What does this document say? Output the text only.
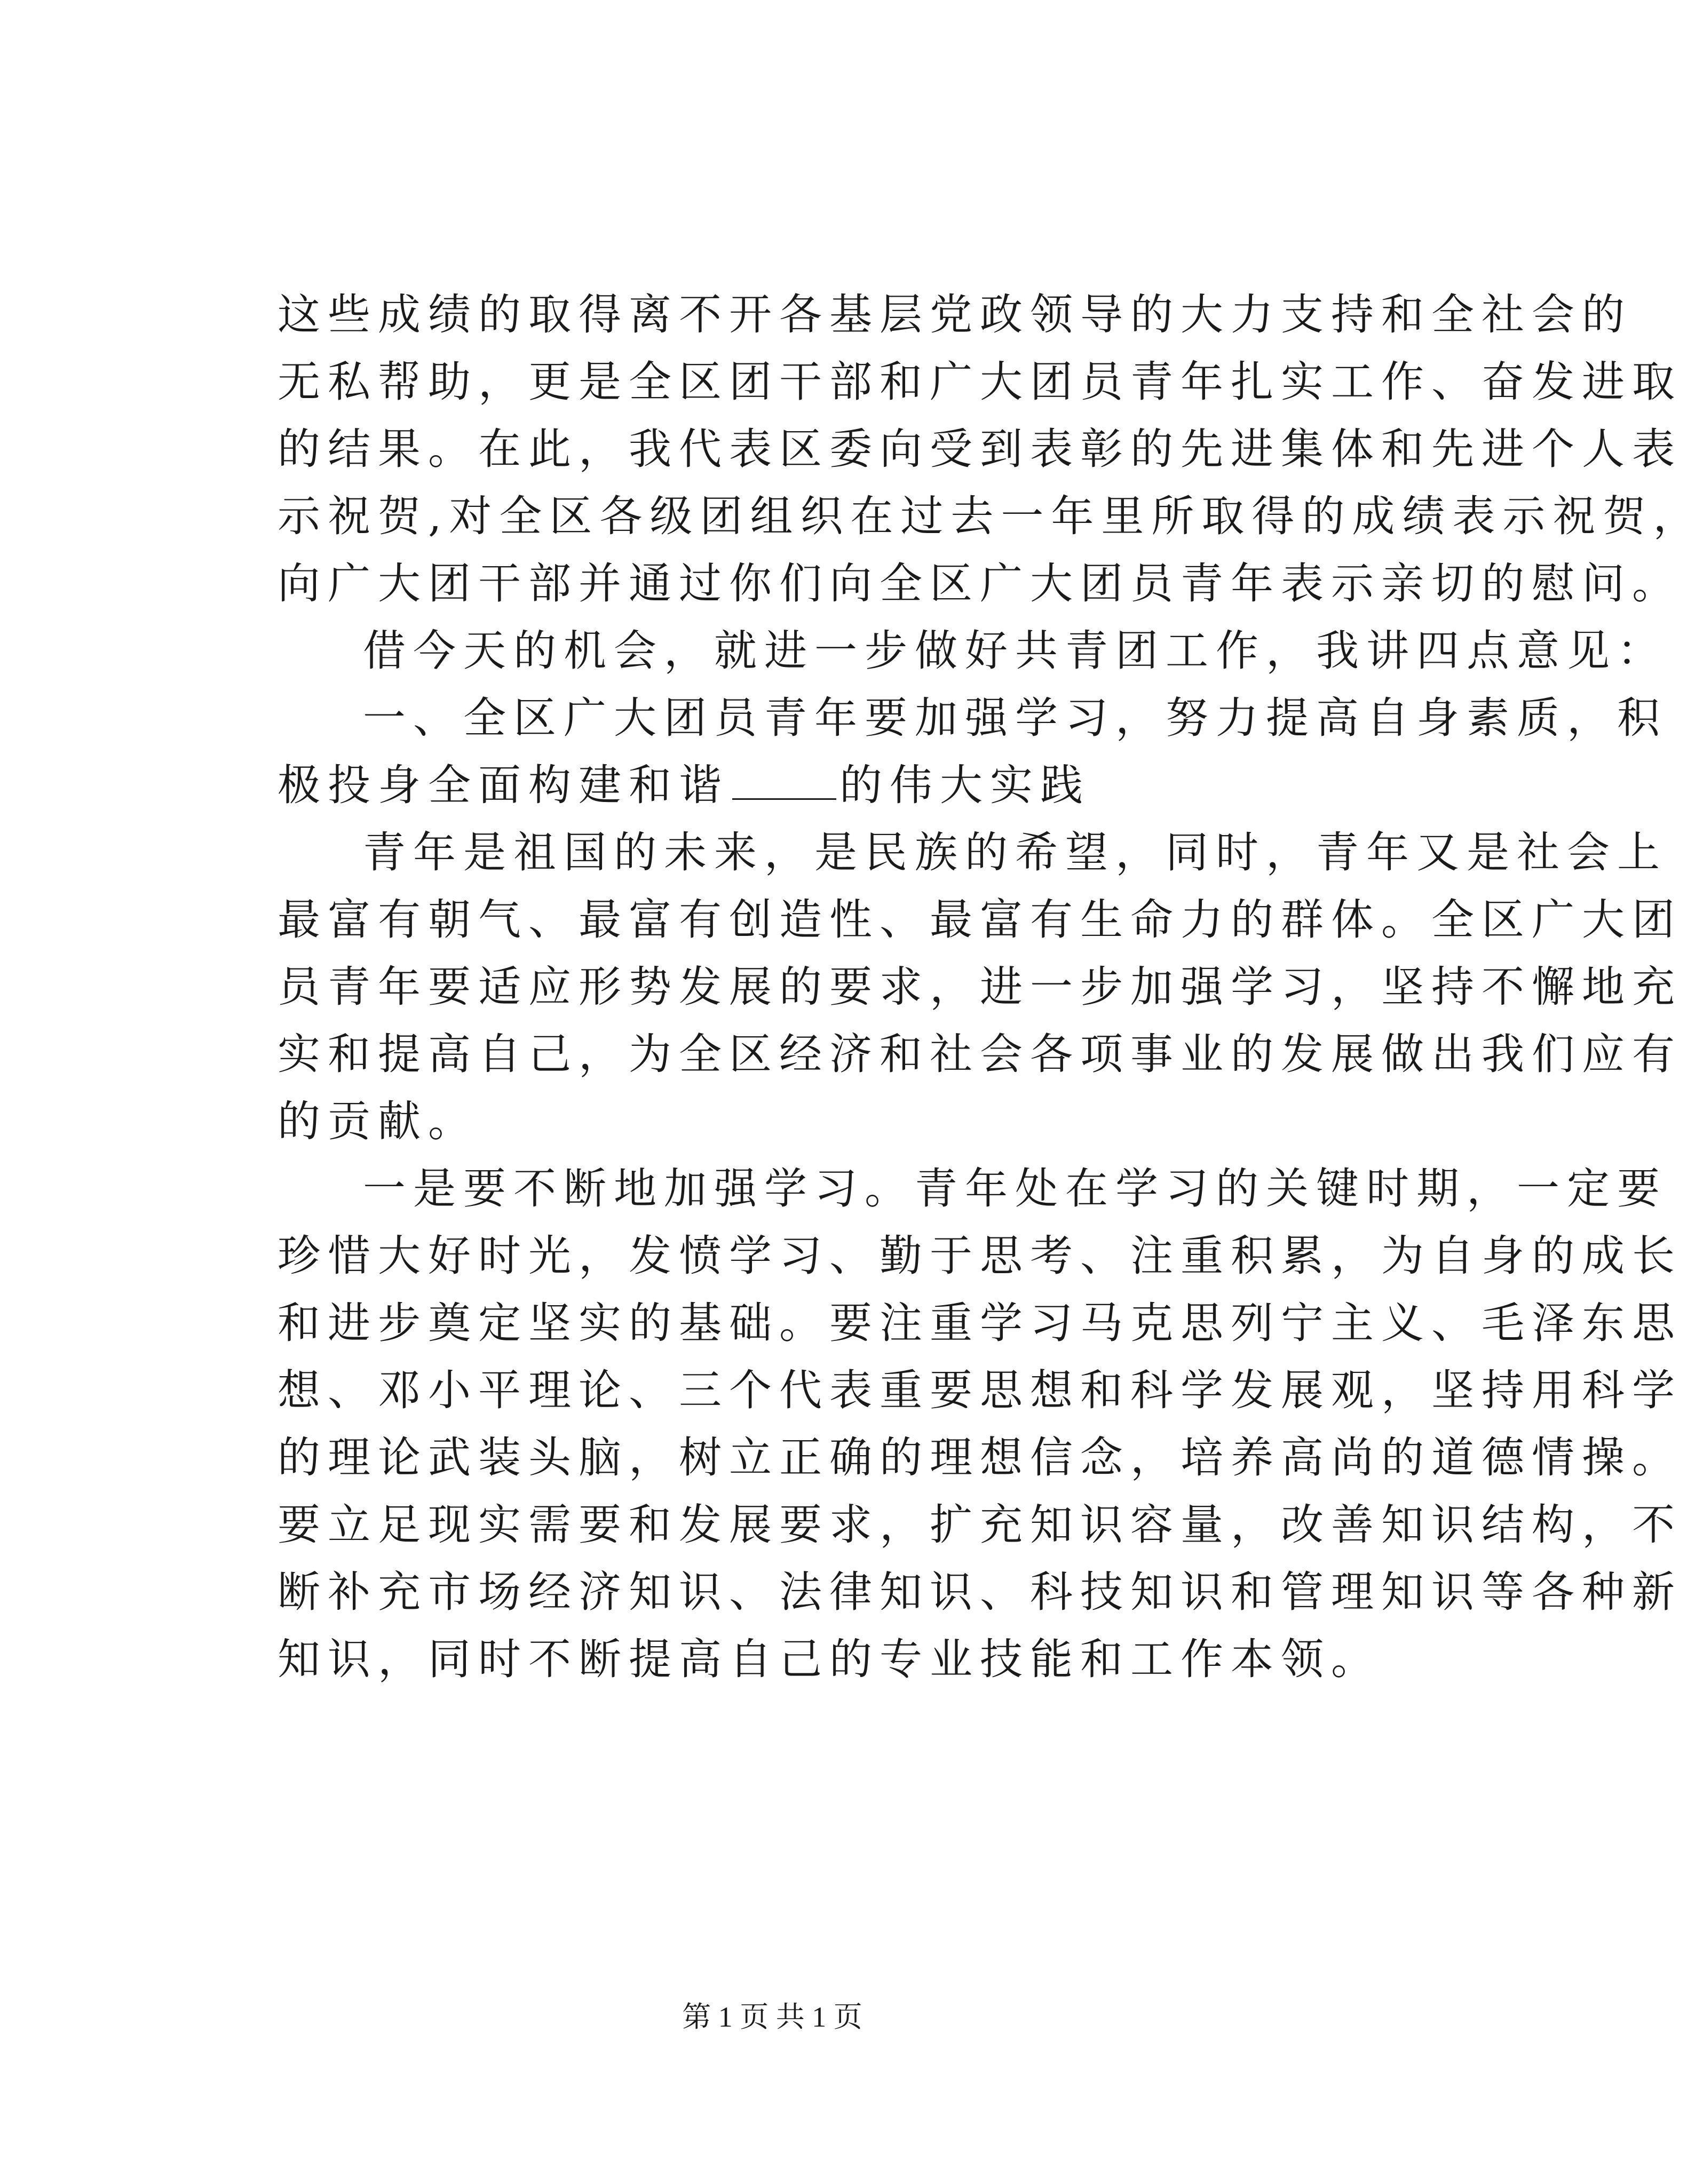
这些成绩的取得离不开各基层党政领导的大力支持和全社会的
无私帮助，更是全区团干部和广大团员青年扎实工作、奋发进取
的结果。在此，我代表区委向受到表彰的先进集体和先进个人表
示祝贺,对全区各级团组织在过去一年里所取得的成绩表示祝贺，
向广大团干部并通过你们向全区广大团员青年表示亲切的慰问。
借今天的机会，就进一步做好共青团工作，我讲四点意见：
一、全区广大团员青年要加强学习，努力提高自身素质，积
极投身全面构建和谐	的伟大实践
青年是祖国的未来，是民族的希望，同时，青年又是社会上
最富有朝气、最富有创造性、最富有生命力的群体。全区广大团
员青年要适应形势发展的要求，进一步加强学习，坚持不懈地充
实和提高自己，为全区经济和社会各项事业的发展做出我们应有
的贡献。
一是要不断地加强学习。青年处在学习的关键时期，一定要
珍惜大好时光，发愤学习、勤于思考、注重积累，为自身的成长
和进步奠定坚实的基础。要注重学习马克思列宁主义、毛泽东思
想、邓小平理论、三个代表重要思想和科学发展观，坚持用科学
的理论武装头脑，树立正确的理想信念，培养高尚的道德情操。
要立足现实需要和发展要求，扩充知识容量，改善知识结构，不
断补充市场经济知识、法律知识、科技知识和管理知识等各种新
知识，同时不断提高自己的专业技能和工作本领。
第 1 页 共 1 页
